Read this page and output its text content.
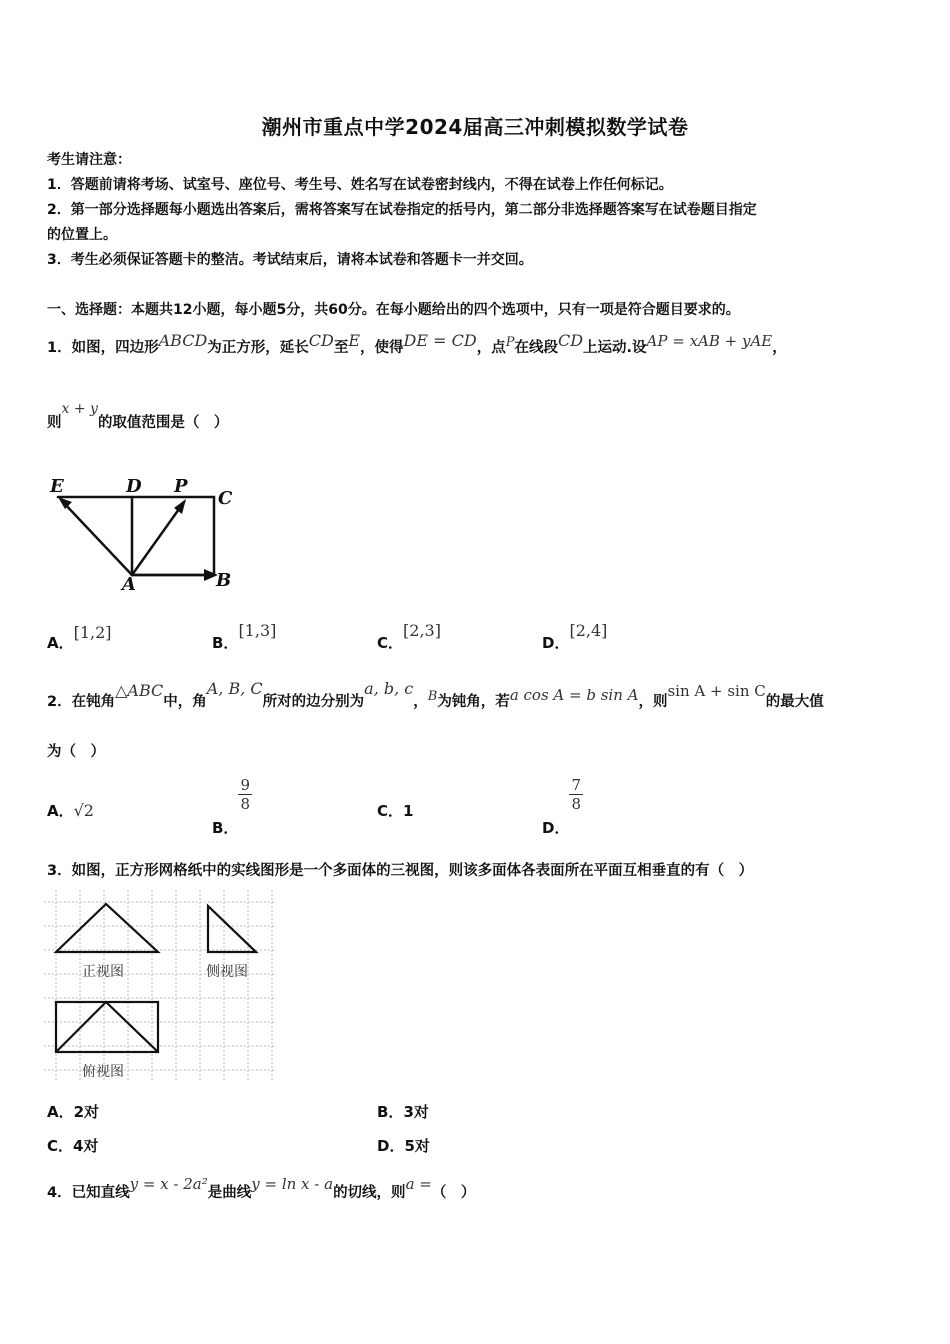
潮州市重点中学2024届高三冲刺模拟数学试卷
考生请注意：
1．答题前请将考场、试室号、座位号、考生号、姓名写在试卷密封线内，不得在试卷上作任何标记。
2．第一部分选择题每小题选出答案后，需将答案写在试卷指定的括号内，第二部分非选择题答案写在试卷题目指定
的位置上。
3．考生必须保证答题卡的整洁。考试结束后，请将本试卷和答题卡一并交回。
一、选择题：本题共12小题，每小题5分，共60分。在每小题给出的四个选项中，只有一项是符合题目要求的。
1．如图，四边形ABCD为正方形，延长CD至E，使得DE = CD，点P在线段CD上运动.设AP = xAB + yAE，
则x + y的取值范围是（　）
E	D P
C
A	B
A．[1,2]
B．[1,3]
C．[2,3]
D．[2,4]
2．在钝角△ABC中，角A, B, C所对的边分别为a, b, c，B为钝角，若a cos A = b sin A，则sin A + sin C的最大值
为（　）
A．√2
B．
$\frac{9}{8}$	C．1
D．
$\frac{7}{8}$
3．如图，正方形网格纸中的实线图形是一个多面体的三视图，则该多面体各表面所在平面互相垂直的有（　）
正视图	侧视图
俯视图
A．2对	B．3对
C．4对	D．5对
4．已知直线y = x - 2a²是曲线y = ln x - a的切线，则a =（　）
